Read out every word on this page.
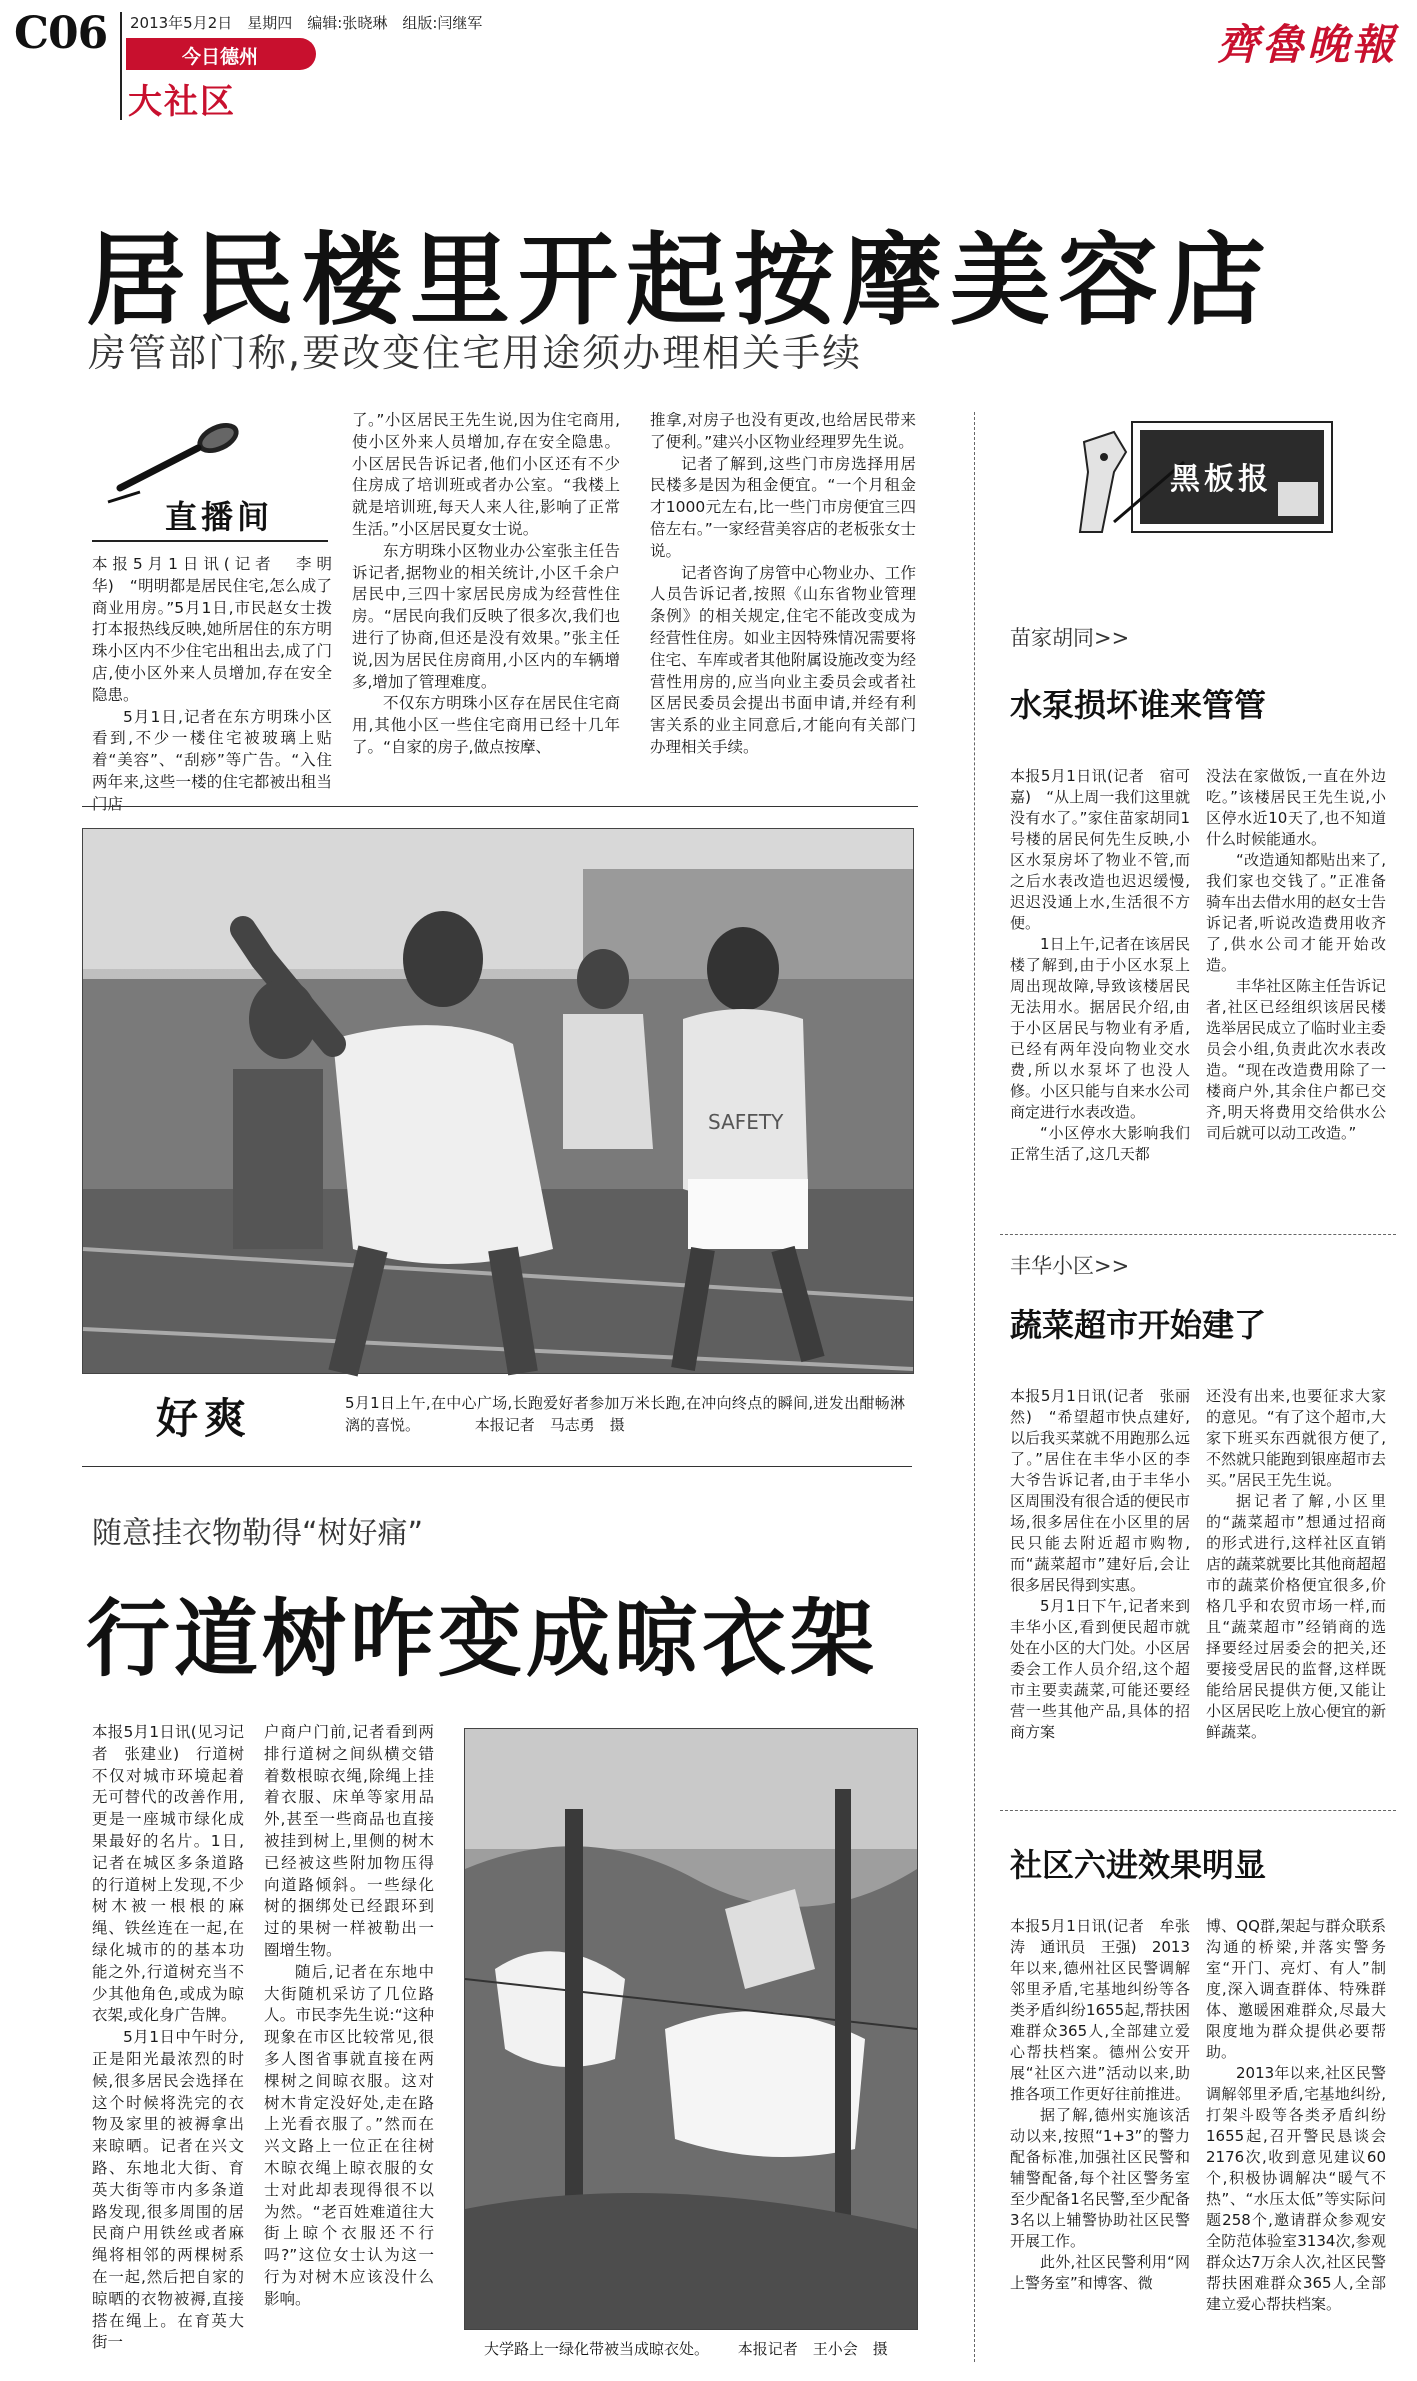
C06 2013年5月2日　星期四　编辑:张晓琳　组版:闫继军
今日德州
大社区
齊魯晚報
居民楼里开起按摩美容店
房管部门称,要改变住宅用途须办理相关手续
直播间

本报5月1日讯(记者　李明华)　“明明都是居民住宅,怎么成了商业用房。”5月1日,市民赵女士拨打本报热线反映,她所居住的东方明珠小区内不少住宅出租出去,成了门店,使小区外来人员增加,存在安全隐患。

5月1日,记者在东方明珠小区看到,不少一楼住宅被玻璃上贴着“美容”、“刮痧”等广告。“入住两年来,这些一楼的住宅都被出租当门店

了。”小区居民王先生说,因为住宅商用,使小区外来人员增加,存在安全隐患。小区居民告诉记者,他们小区还有不少住房成了培训班或者办公室。“我楼上就是培训班,每天人来人往,影响了正常生活。”小区居民夏女士说。

东方明珠小区物业办公室张主任告诉记者,据物业的相关统计,小区千余户居民中,三四十家居民房成为经营性住房。“居民向我们反映了很多次,我们也进行了协商,但还是没有效果。”张主任说,因为居民住房商用,小区内的车辆增多,增加了管理难度。

不仅东方明珠小区存在居民住宅商用,其他小区一些住宅商用已经十几年了。“自家的房子,做点按摩、

推拿,对房子也没有更改,也给居民带来了便利。”建兴小区物业经理罗先生说。

记者了解到,这些门市房选择用居民楼多是因为租金便宜。“一个月租金才1000元左右,比一些门市房便宜三四倍左右。”一家经营美容店的老板张女士说。

记者咨询了房管中心物业办、工作人员告诉记者,按照《山东省物业管理条例》的相关规定,住宅不能改变成为经营性住房。如业主因特殊情况需要将住宅、车库或者其他附属设施改变为经营性用房的,应当向业主委员会或者社区居民委员会提出书面申请,并经有利害关系的业主同意后,才能向有关部门办理相关手续。

SAFETY
好爽	5月1日上午,在中心广场,长跑爱好者参加万米长跑,在冲向终点的瞬间,迸发出酣畅淋漓的喜悦。	本报记者　马志勇　摄
随意挂衣物勒得“树好痛”
行道树咋变成晾衣架

本报5月1日讯(见习记者　张建业)　行道树不仅对城市环境起着无可替代的改善作用,更是一座城市绿化成果最好的名片。1日,记者在城区多条道路的行道树上发现,不少树木被一根根的麻绳、铁丝连在一起,在绿化城市的的基本功能之外,行道树充当不少其他角色,或成为晾衣架,或化身广告牌。

5月1日中午时分,正是阳光最浓烈的时候,很多居民会选择在这个时候将洗完的衣物及家里的被褥拿出来晾晒。记者在兴文路、东地北大街、育英大街等市内多条道路发现,很多周围的居民商户用铁丝或者麻绳将相邻的两棵树系在一起,然后把自家的晾晒的衣物被褥,直接搭在绳上。在育英大街一

户商户门前,记者看到两排行道树之间纵横交错着数根晾衣绳,除绳上挂着衣服、床单等家用品外,甚至一些商品也直接被挂到树上,里侧的树木已经被这些附加物压得向道路倾斜。一些绿化树的捆绑处已经跟环到过的果树一样被勒出一圈增生物。

随后,记者在东地中大街随机采访了几位路人。市民李先生说:“这种现象在市区比较常见,很多人图省事就直接在两棵树之间晾衣服。这对树木肯定没好处,走在路上光看衣服了。”然而在兴文路上一位正在往树木晾衣绳上晾衣服的女士对此却表现得很不以为然。“老百姓难道往大街上晾个衣服还不行吗?”这位女士认为这一行为对树木应该没什么影响。

大学路上一绿化带被当成晾衣处。 本报记者　王小会　摄
黑板报
苗家胡同>>
水泵损坏谁来管管

本报5月1日讯(记者　宿可嘉)　“从上周一我们这里就没有水了。”家住苗家胡同1号楼的居民何先生反映,小区水泵房坏了物业不管,而之后水表改造也迟迟缓慢,迟迟没通上水,生活很不方便。

1日上午,记者在该居民楼了解到,由于小区水泵上周出现故障,导致该楼居民无法用水。据居民介绍,由于小区居民与物业有矛盾,已经有两年没向物业交水费,所以水泵坏了也没人修。小区只能与自来水公司商定进行水表改造。

“小区停水大影响我们正常生活了,这几天都

没法在家做饭,一直在外边吃。”该楼居民王先生说,小区停水近10天了,也不知道什么时候能通水。

“改造通知都贴出来了,我们家也交钱了。”正准备骑车出去借水用的赵女士告诉记者,听说改造费用收齐了,供水公司才能开始改造。

丰华社区陈主任告诉记者,社区已经组织该居民楼选举居民成立了临时业主委员会小组,负责此次水表改造。“现在改造费用除了一楼商户外,其余住户都已交齐,明天将费用交给供水公司后就可以动工改造。”

丰华小区>>
蔬菜超市开始建了

本报5月1日讯(记者　张丽然)　“希望超市快点建好,以后我买菜就不用跑那么远了。”居住在丰华小区的李大爷告诉记者,由于丰华小区周围没有很合适的便民市场,很多居住在小区里的居民只能去附近超市购物,而“蔬菜超市”建好后,会让很多居民得到实惠。

5月1日下午,记者来到丰华小区,看到便民超市就处在小区的大门处。小区居委会工作人员介绍,这个超市主要卖蔬菜,可能还要经营一些其他产品,具体的招商方案

还没有出来,也要征求大家的意见。“有了这个超市,大家下班买东西就很方便了,不然就只能跑到银座超市去买。”居民王先生说。

据记者了解,小区里的“蔬菜超市”想通过招商的形式进行,这样社区直销店的蔬菜就要比其他商超超市的蔬菜价格便宜很多,价格几乎和农贸市场一样,而且“蔬菜超市”经销商的选择要经过居委会的把关,还要接受居民的监督,这样既能给居民提供方便,又能让小区居民吃上放心便宜的新鲜蔬菜。

社区六进效果明显

本报5月1日讯(记者　牟张涛　通讯员　王强)　2013年以来,德州社区民警调解邻里矛盾,宅基地纠纷等各类矛盾纠纷1655起,帮扶困难群众365人,全部建立爱心帮扶档案。德州公安开展“社区六进”活动以来,助推各项工作更好往前推进。

据了解,德州实施该活动以来,按照“1+3”的警力配备标准,加强社区民警和辅警配备,每个社区警务室至少配备1名民警,至少配备3名以上辅警协助社区民警开展工作。

此外,社区民警利用“网上警务室”和博客、微

博、QQ群,架起与群众联系沟通的桥梁,并落实警务室“开门、亮灯、有人”制度,深入调查群体、特殊群体、邀暖困难群众,尽最大限度地为群众提供必要帮助。

2013年以来,社区民警调解邻里矛盾,宅基地纠纷,打架斗殴等各类矛盾纠纷1655起,召开警民恳谈会2176次,收到意见建议60个,积极协调解决“暖气不热”、“水压太低”等实际问题258个,邀请群众参观安全防范体验室3134次,参观群众达7万余人次,社区民警帮扶困难群众365人,全部建立爱心帮扶档案。
